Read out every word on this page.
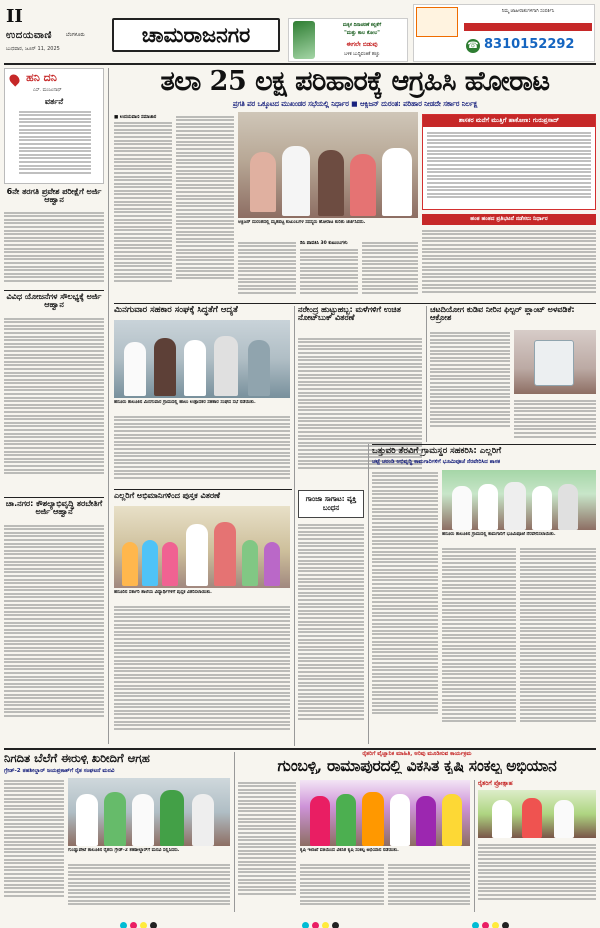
II
ಉದಯವಾಣಿ	ಬೆಂಗಳೂರು
ಬುಧವಾರ, ಜೂನ್ 11, 2025
ಚಾಮರಾಜನಗರ	ಮಕ್ಕಳ ದಿನಾಚರಣೆ ಕಲ್ಲಿಕೆಗೆ
"ಮತ್ತು ಕಾಲ ಕೋಲ"
ಈಗಲೇ ಬಿಡುವು
ಬಳಿಕ ಬುದ್ಧಿವಂತಿಕೆ ಹಚ್ಚು
ನಿಮ್ಮ ಜಾಹೀರಾತುಗಳಿಗಾಗಿ ಸಂಪರ್ಕಿಸಿ
☎ 8310152292
$^{ಹನಿ ದನಿ}$
ಎಸ್. ಮಂಜುನಾಥ್
ವರ್ತನೆ
6ನೇ ತರಗತಿ ಪ್ರವೇಶ ಪರೀಕ್ಷೆಗೆ ಅರ್ಜಿ ಆಹ್ವಾನ
ವಿವಿಧ ಯೋಜನೆಗಳ ಸೌಲಭ್ಯಕ್ಕೆ ಅರ್ಜಿ ಆಹ್ವಾನ
ಚಾ.ನಗರ: ಕೌಶಲ್ಯಾಭಿವೃದ್ಧಿ ತರಬೇತಿಗೆ ಅರ್ಜಿ ಆಹ್ವಾನ
ತಲಾ 25 ಲಕ್ಷ ಪರಿಹಾರಕ್ಕೆ ಆಗ್ರಹಿಸಿ ಹೋರಾಟ
ಪ್ರಗತಿ ಪರ ಒಕ್ಕೂಟದ ಮುಖಂಡರ ಸಭೆಯಲ್ಲಿ ನಿರ್ಧಾರ ■ ಆಕ್ಸಿಜನ್ ದುರಂತ: ಪರಿಹಾರ ನೀಡದೇ ಸರ್ಕಾರ ನಿರ್ಲಕ್ಷ
■ ಉದಯವಾಣಿ ಸಮಾಚಾರ
ಆಕ್ಸಿಜನ್ ದುರಂತದಲ್ಲಿ ಮೃತಪಟ್ಟ ಕುಟುಂಬಗಳ ಸದಸ್ಯರು ಹೋರಾಟ ಕುರಿತು ಚರ್ಚಿಸಿದರು.
ಡಿಸಿ ಪಾವತಿಸಿ 30 ಕುಟುಂಬಗಳು
ಶಾಸಕರ ಮನೆಗೆ ಮುತ್ತಿಗೆ ಹಾಕೋಣ: ಗುರುಪ್ರಸಾದ್
ಹಂತ ಹಂತದ ಪ್ರತಿಭಟನೆ ನಡೆಸಲು ನಿರ್ಧಾರ
ಮಿನಗುವಾರ ಸಹಕಾರ ಸಂಘಕ್ಕೆ ಸಿದ್ಧತೆಗೆ ಆದ್ಯತೆ
ಹನೂರು ತಾಲೂಕಿನ ಮಿನಗುವಾರ ಗ್ರಾಮದಲ್ಲಿ ಹಾಲು ಉತ್ಪಾದಕರ ಸಹಕಾರ ಸಂಘದ ಸಭೆ ನಡೆಯಿತು.
ನರೇಂದ್ರ ಹುಟ್ಟುಹಬ್ಬ: ಮಳೆಗಳಿಗೆ ಉಚಿತ ನೋಟ್‌ಬುಕ್ ವಿತರಣೆ
ಚಟದಿಯೋಗ ಕುಡಿವ ನೀರಿನ ಫಿಲ್ಟರ್ ಪ್ಲಾಂಟ್ ಅಳವಡಿಕೆ: ಆಕ್ರೋಶ
ಎಲ್ಲರಿಗೆ ಅಭಿಮಾನಿಗಳಿಂದ ಪುಸ್ತಕ ವಿತರಣೆ
ಹನೂರಿನ ಸರ್ಕಾರಿ ಶಾಲೆಯ ವಿದ್ಯಾರ್ಥಿಗಳಿಗೆ ಪುಸ್ತಕ ವಿತರಿಸಲಾಯಿತು.
ಗಾಂಜಾ ಸಾಗಾಟ: ವ್ಯಕ್ತಿ ಬಂಧನ
ಒತ್ತುವರಿ ತೆರವಿಗೆ ಗ್ರಾಮಸ್ಥರ ಸಹಕರಿಸಿ: ಎಲ್ಲರಿಗೆ
ಚಟ್ಟೆ ಚರಂಡಿ ಅಭಿವೃದ್ಧಿ ಕಾಮಗಾರಿಗಳಿಗೆ ಭೂಮಿಪೂಜೆ ನೆರವೇರಿಸಿದ ಶಾಸಕ
ಹನೂರು ತಾಲೂಕಿನ ಗ್ರಾಮದಲ್ಲಿ ಕಾಮಗಾರಿಗೆ ಭೂಮಿಪೂಜೆ ನೆರವೇರಿಸಲಾಯಿತು.
ನಿಗದಿತ ಬೆಲೆಗೆ ಈರುಳ್ಳಿ ಖರೀದಿಗೆ ಆಗ್ರಹ
ಗ್ರೇಡ್-2 ತಹಶೀಲ್ದಾರ್ ಜಯಪ್ರಕಾಶ್‌ಗೆ ರೈತ ಸಂಘಟನೆ ಮನವಿ
ಗುಂಡ್ಲುಪೇಟೆ ತಾಲೂಕಿನ ರೈತರು ಗ್ರೇಡ್-2 ತಹಶೀಲ್ದಾರ್‌ಗೆ ಮನವಿ ಸಲ್ಲಿಸಿದರು.
ರೈತರಿಗೆ ವೈಜ್ಞಾನಿಕ ಮಾಹಿತಿ, ಅರಿವು ಮೂಡಿಸುವ ಕಾರ್ಯಕ್ರಮ
ಗುಂಬಳ್ಳಿ, ರಾಮಾಪುರದಲ್ಲಿ ವಿಕಸಿತ ಕೃಷಿ ಸಂಕಲ್ಪ ಅಭಿಯಾನ
ಕೃಷಿ ಇಲಾಖೆ ವತಿಯಿಂದ ವಿಕಸಿತ ಕೃಷಿ ಸಂಕಲ್ಪ ಅಭಿಯಾನ ನಡೆಯಿತು.
ರೈತರಿಗೆ ಪ್ರೋತ್ಸಾಹ
